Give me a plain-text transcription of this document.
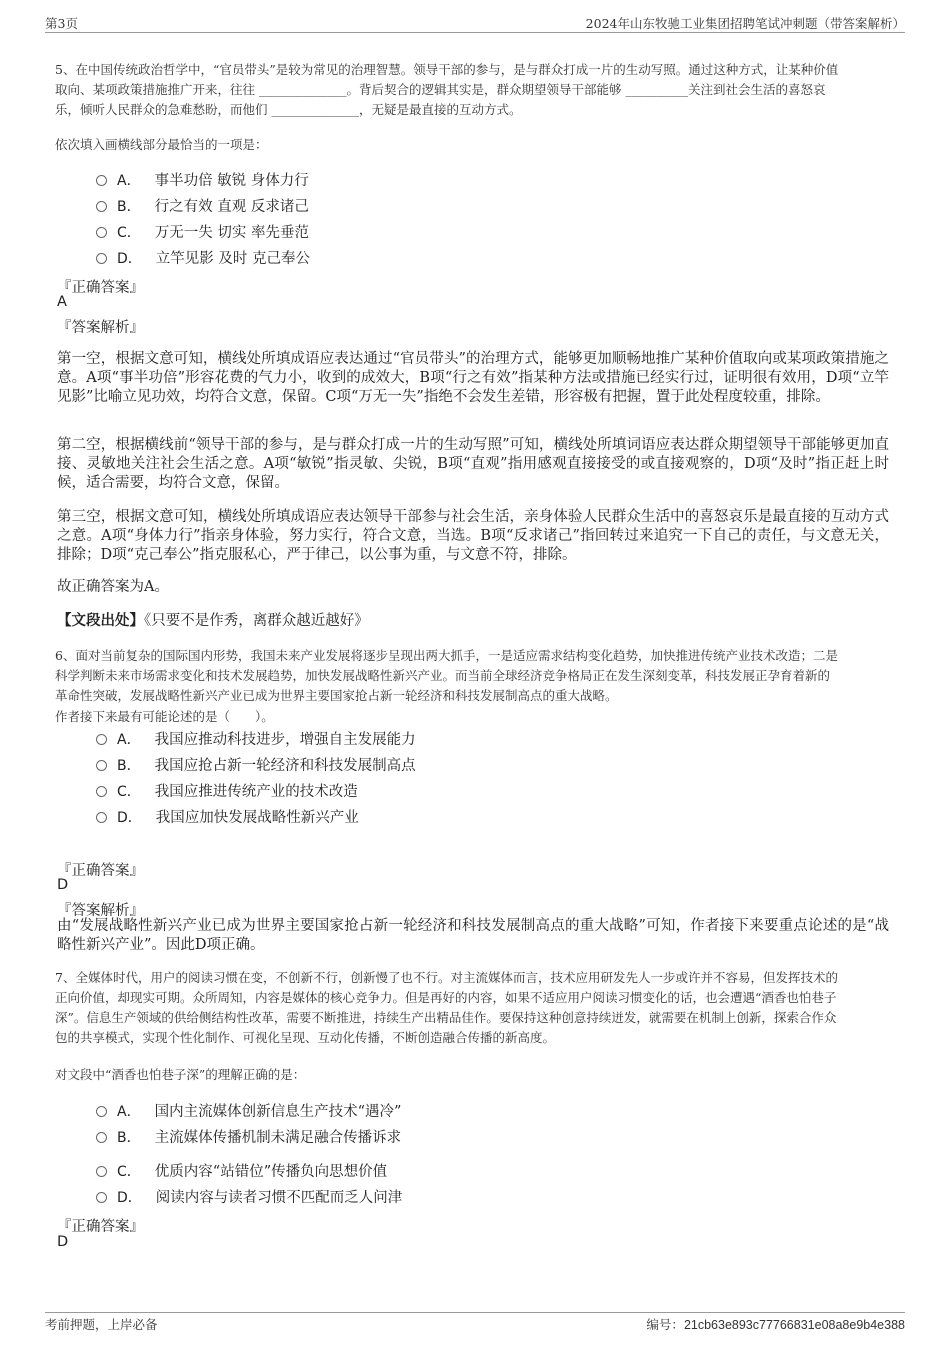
第3页	2024年山东牧驰工业集团招聘笔试冲刺题（带答案解析）
5、在中国传统政治哲学中，“官员带头”是较为常见的治理智慧。领导干部的参与，是与群众打成一片的生动写照。通过这种方式，让某种价值
取向、某项政策措施推广开来，往往 ______________。背后契合的逻辑其实是，群众期望领导干部能够 __________关注到社会生活的喜怒哀
乐，倾听人民群众的急难愁盼，而他们 ______________，无疑是最直接的互动方式。
依次填入画横线部分最恰当的一项是：
A． 事半功倍 敏锐 身体力行
B． 行之有效 直观 反求诸己
C． 万无一失 切实 率先垂范
D． 立竿见影 及时 克己奉公
『正确答案』
A
『答案解析』
第一空，根据文意可知，横线处所填成语应表达通过“官员带头”的治理方式，能够更加顺畅地推广某种价值取向或某项政策措施之意。A项“事半功倍”形容花费的气力小，收到的成效大，B项“行之有效”指某种方法或措施已经实行过，证明很有效用，D项“立竿见影”比喻立见功效，均符合文意，保留。C项“万无一失”指绝不会发生差错，形容极有把握，置于此处程度较重，排除。
第二空，根据横线前“领导干部的参与，是与群众打成一片的生动写照”可知，横线处所填词语应表达群众期望领导干部能够更加直接、灵敏地关注社会生活之意。A项“敏锐”指灵敏、尖锐，B项“直观”指用感观直接接受的或直接观察的，D项“及时”指正赶上时候，适合需要，均符合文意，保留。
第三空，根据文意可知，横线处所填成语应表达领导干部参与社会生活，亲身体验人民群众生活中的喜怒哀乐是最直接的互动方式之意。A项“身体力行”指亲身体验，努力实行，符合文意，当选。B项“反求诸己”指回转过来追究一下自己的责任，与文意无关，排除；D项“克己奉公”指克服私心，严于律己，以公事为重，与文意不符，排除。
故正确答案为A。
【文段出处】《只要不是作秀，离群众越近越好》
6、面对当前复杂的国际国内形势，我国未来产业发展将逐步呈现出两大抓手，一是适应需求结构变化趋势，加快推进传统产业技术改造；二是
科学判断未来市场需求变化和技术发展趋势，加快发展战略性新兴产业。而当前全球经济竞争格局正在发生深刻变革，科技发展正孕育着新的
革命性突破，发展战略性新兴产业已成为世界主要国家抢占新一轮经济和科技发展制高点的重大战略。
作者接下来最有可能论述的是（　　）。
A． 我国应推动科技进步，增强自主发展能力
B． 我国应抢占新一轮经济和科技发展制高点
C． 我国应推进传统产业的技术改造
D． 我国应加快发展战略性新兴产业
『正确答案』
D
『答案解析』
由“发展战略性新兴产业已成为世界主要国家抢占新一轮经济和科技发展制高点的重大战略”可知，作者接下来要重点论述的是“战略性新兴产业”。因此D项正确。
7、全媒体时代，用户的阅读习惯在变，不创新不行，创新慢了也不行。对主流媒体而言，技术应用研发先人一步或许并不容易，但发挥技术的
正向价值，却现实可期。众所周知，内容是媒体的核心竞争力。但是再好的内容，如果不适应用户阅读习惯变化的话，也会遭遇“酒香也怕巷子
深”。信息生产领域的供给侧结构性改革，需要不断推进，持续生产出精品佳作。要保持这种创意持续迸发，就需要在机制上创新，探索合作众
包的共享模式，实现个性化制作、可视化呈现、互动化传播，不断创造融合传播的新高度。
对文段中“酒香也怕巷子深”的理解正确的是：
A． 国内主流媒体创新信息生产技术“遇冷”
B． 主流媒体传播机制未满足融合传播诉求
C． 优质内容“站错位”传播负向思想价值
D． 阅读内容与读者习惯不匹配而乏人问津
『正确答案』
D
考前押题，上岸必备	编号：21cb63e893c77766831e08a8e9b4e388
